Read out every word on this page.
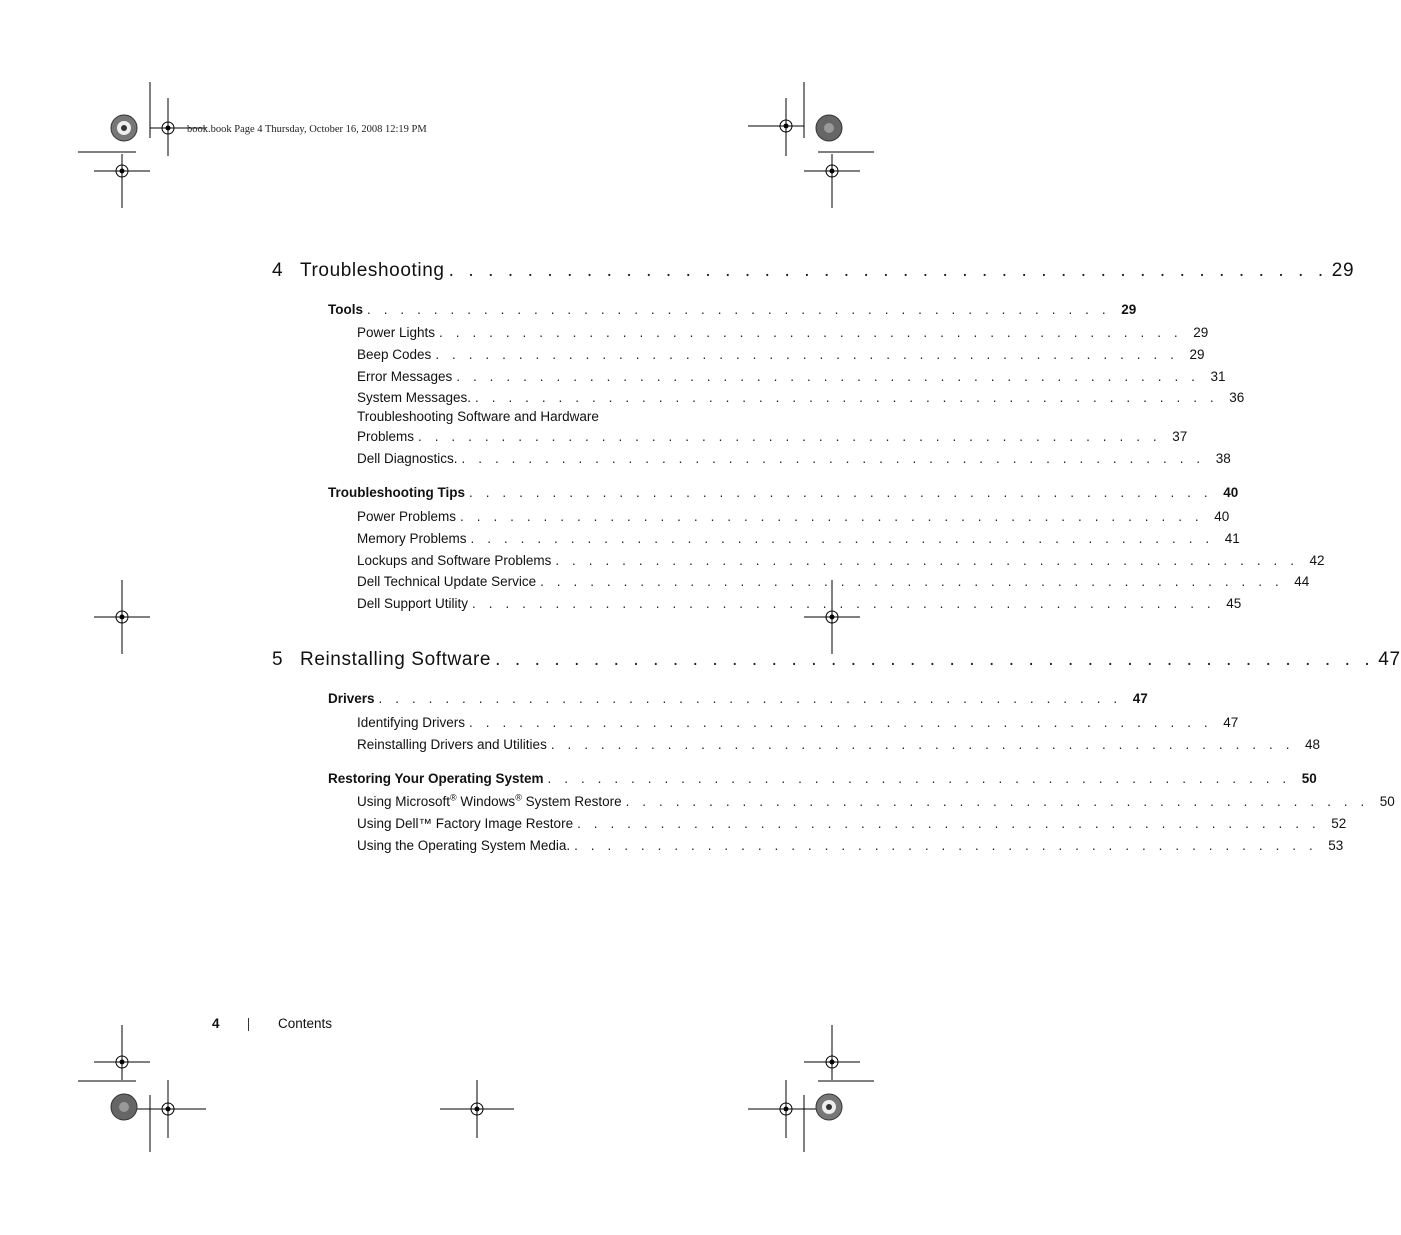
book.book Page 4 Thursday, October 16, 2008 12:19 PM
4 Troubleshooting . . . . . . . . . . . . . . . . . . . . . . . . . . . . . . . . . . . . . . . . . . . . . 29
Tools . . . . . . . . . . . . . . . . . . . . . . . . . . . . . . . . . . . . . . . . . . . . . 29
Power Lights . . . . . . . . . . . . . . . . . . . . . . . . . . . . . . . . . . . . . . . . . . . . . 29
Beep Codes . . . . . . . . . . . . . . . . . . . . . . . . . . . . . . . . . . . . . . . . . . . . . 29
Error Messages . . . . . . . . . . . . . . . . . . . . . . . . . . . . . . . . . . . . . . . . . . . . . 31
System Messages. . . . . . . . . . . . . . . . . . . . . . . . . . . . . . . . . . . . . . . . . . . . . . 36
Troubleshooting Software and Hardware
Problems . . . . . . . . . . . . . . . . . . . . . . . . . . . . . . . . . . . . . . . . . . . . . 37
Dell Diagnostics. . . . . . . . . . . . . . . . . . . . . . . . . . . . . . . . . . . . . . . . . . . . . . 38
Troubleshooting Tips . . . . . . . . . . . . . . . . . . . . . . . . . . . . . . . . . . . . . . . . . . . . . 40
Power Problems . . . . . . . . . . . . . . . . . . . . . . . . . . . . . . . . . . . . . . . . . . . . . 40
Memory Problems . . . . . . . . . . . . . . . . . . . . . . . . . . . . . . . . . . . . . . . . . . . . . 41
Lockups and Software Problems . . . . . . . . . . . . . . . . . . . . . . . . . . . . . . . . . . . . . . . . . . . . . 42
Dell Technical Update Service . . . . . . . . . . . . . . . . . . . . . . . . . . . . . . . . . . . . . . . . . . . . . 44
Dell Support Utility . . . . . . . . . . . . . . . . . . . . . . . . . . . . . . . . . . . . . . . . . . . . . 45
5 Reinstalling Software . . . . . . . . . . . . . . . . . . . . . . . . . . . . . . . . . . . . . . . . . . . . . 47
Drivers . . . . . . . . . . . . . . . . . . . . . . . . . . . . . . . . . . . . . . . . . . . . . 47
Identifying Drivers . . . . . . . . . . . . . . . . . . . . . . . . . . . . . . . . . . . . . . . . . . . . . 47
Reinstalling Drivers and Utilities . . . . . . . . . . . . . . . . . . . . . . . . . . . . . . . . . . . . . . . . . . . . . 48
Restoring Your Operating System . . . . . . . . . . . . . . . . . . . . . . . . . . . . . . . . . . . . . . . . . . . . . 50
Using Microsoft® Windows® System Restore . . . . . . . . . . . . . . . . . . . . . . . . . . . . . . . . . . . . . . . . . . . . . 50
Using Dell™ Factory Image Restore . . . . . . . . . . . . . . . . . . . . . . . . . . . . . . . . . . . . . . . . . . . . . 52
Using the Operating System Media. . . . . . . . . . . . . . . . . . . . . . . . . . . . . . . . . . . . . . . . . . . . . . 53
4	Contents
